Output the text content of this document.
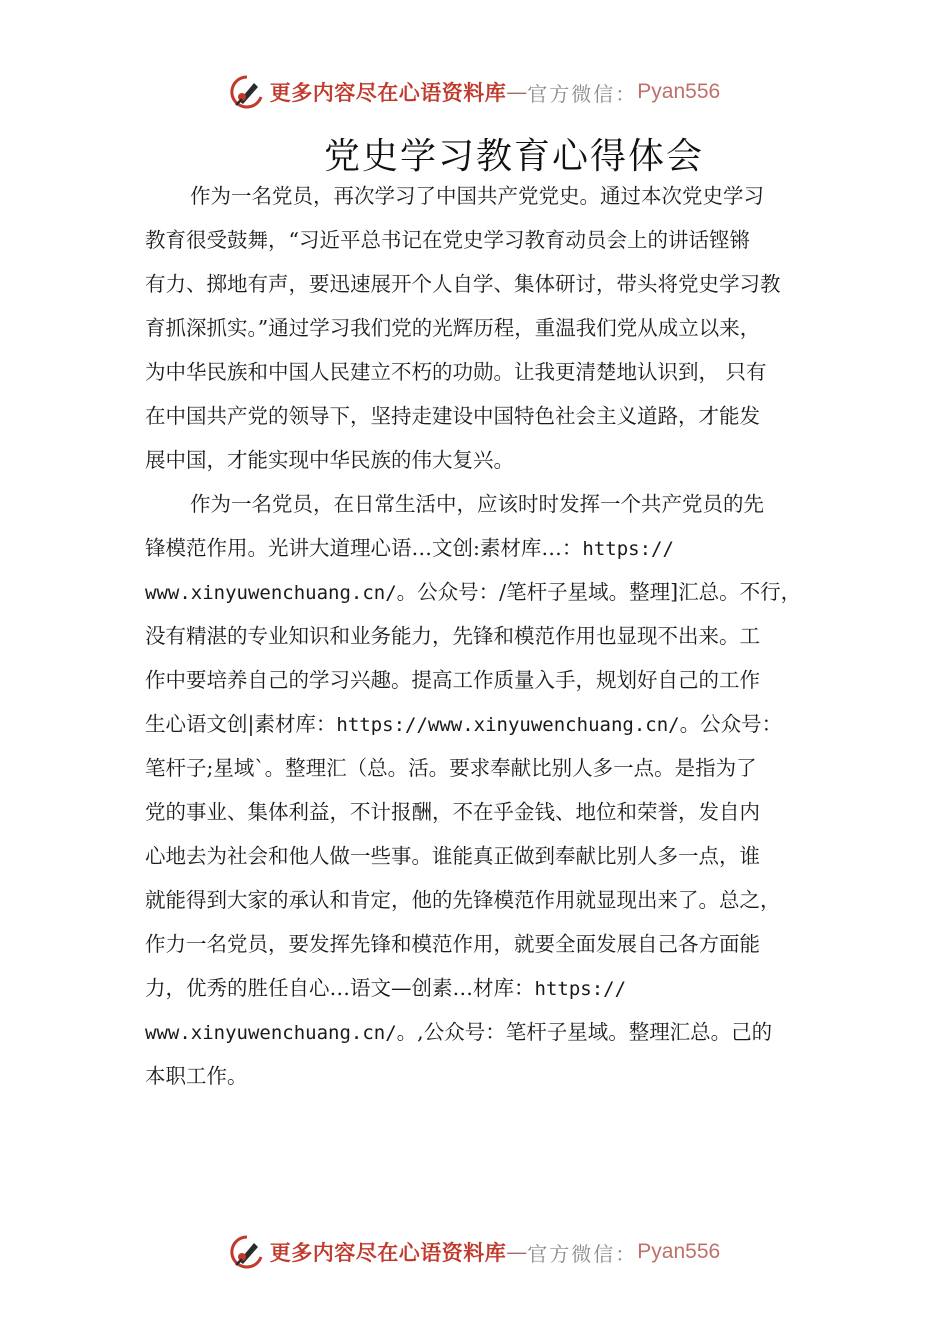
更多内容尽在心语资料库 — 官方微信： Pyan556
党史学习教育心得体会
作为一名党员，再次学习了中国共产党党史。通过本次党史学习
教育很受鼓舞，“习近平总书记在党史学习教育动员会上的讲话铿锵
有力、掷地有声，要迅速展开个人自学、集体研讨，带头将党史学习教
育抓深抓实。”通过学习我们党的光辉历程，重温我们党从成立以来，
为中华民族和中国人民建立不朽的功勋。让我更清楚地认识到， 只有
在中国共产党的领导下，坚持走建设中国特色社会主义道路，才能发
展中国，才能实现中华民族的伟大复兴。
作为一名党员，在日常生活中，应该时时发挥一个共产党员的先
锋模范作用。光讲大道理心语…文创:素材库…：https://
www.xinyuwenchuang.cn/。公众号：/笔杆子星域。整理]汇总。不行，
没有精湛的专业知识和业务能力，先锋和模范作用也显现不出来。工
作中要培养自己的学习兴趣。提高工作质量入手，规划好自己的工作
生心语文创|素材库：https://www.xinyuwenchuang.cn/。公众号：
笔杆子;星域`。整理汇（总。活。要求奉献比别人多一点。是指为了
党的事业、集体利益，不计报酬，不在乎金钱、地位和荣誉，发自内
心地去为社会和他人做一些事。谁能真正做到奉献比别人多一点，谁
就能得到大家的承认和肯定，他的先锋模范作用就显现出来了。总之，
作力一名党员，要发挥先锋和模范作用，就要全面发展自己各方面能
力，优秀的胜任自心…语文—创素…材库：https://
www.xinyuwenchuang.cn/。,公众号：笔杆子星域。整理汇总。己的
本职工作。
更多内容尽在心语资料库 — 官方微信： Pyan556
